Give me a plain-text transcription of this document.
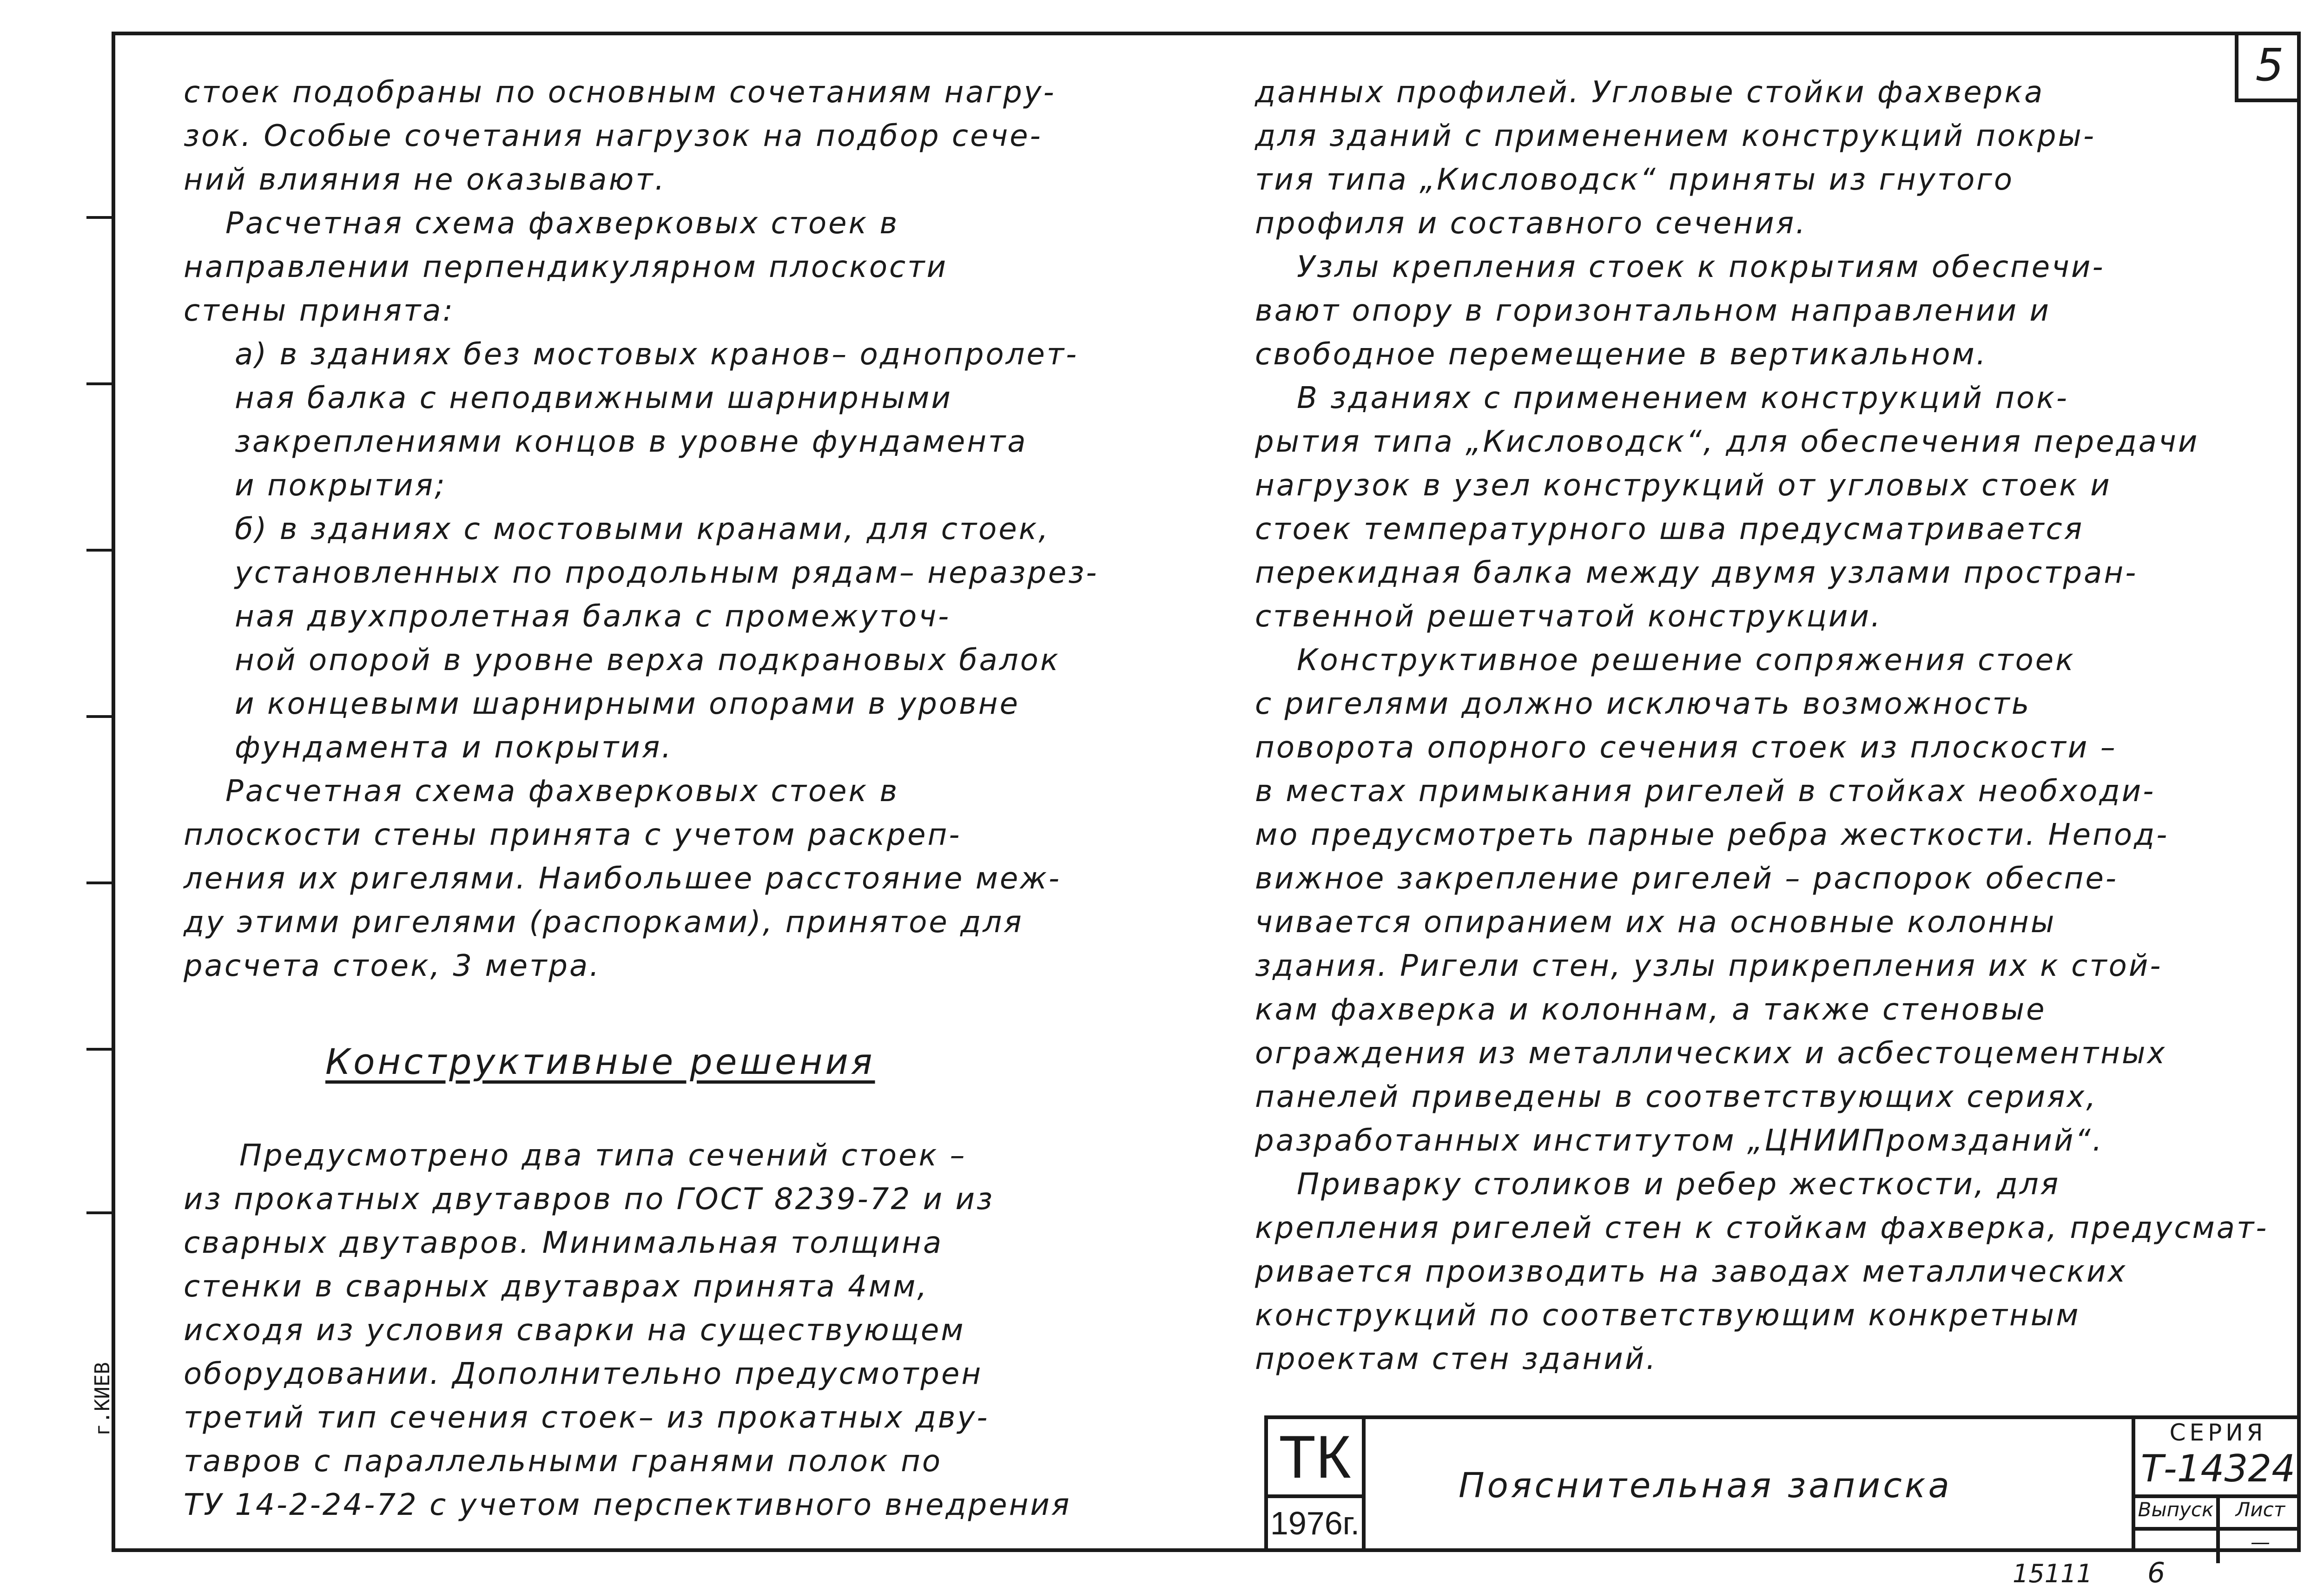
5
г.КИЕВ

стоек подобраны по основным сочетаниям нагру-

зок. Особые сочетания нагрузок на подбор сече-

ний влияния не оказывают.

Расчетная схема фахверковых стоек в

направлении перпендикулярном плоскости

стены принята:

а) в зданиях без мостовых кранов– однопролет-

ная балка с неподвижными шарнирными

закреплениями концов в уровне фундамента

и покрытия;

б) в зданиях с мостовыми кранами, для стоек,

установленных по продольным рядам– неразрез-

ная двухпролетная балка с промежуточ-

ной опорой в уровне верха подкрановых балок

и концевыми шарнирными опорами в уровне

фундамента и покрытия.

Расчетная схема фахверковых стоек в

плоскости стены принята с учетом раскреп-

ления их ригелями. Наибольшее расстояние меж-

ду этими ригелями (распорками), принятое для

расчета стоек, 3 метра.

Конструктивные решения

Предусмотрено два типа сечений стоек –

из прокатных двутавров по ГОСТ 8239-72 и из

сварных двутавров. Минимальная толщина

стенки в сварных двутаврах принята 4мм,

исходя из условия сварки на существующем

оборудовании. Дополнительно предусмотрен

третий тип сечения стоек– из прокатных дву-

тавров с параллельными гранями полок по

ТУ 14-2-24-72 с учетом перспективного внедрения

данных профилей. Угловые стойки фахверка

для зданий с применением конструкций покры-

тия типа „Кисловодск“ приняты из гнутого

профиля и составного сечения.

Узлы крепления стоек к покрытиям обеспечи-

вают опору в горизонтальном направлении и

свободное перемещение в вертикальном.

В зданиях с применением конструкций пок-

рытия типа „Кисловодск“, для обеспечения передачи

нагрузок в узел конструкций от угловых стоек и

стоек температурного шва предусматривается

перекидная балка между двумя узлами простран-

ственной решетчатой конструкции.

Конструктивное решение сопряжения стоек

с ригелями должно исключать возможность

поворота опорного сечения стоек из плоскости –

в местах примыкания ригелей в стойках необходи-

мо предусмотреть парные ребра жесткости. Непод-

вижное закрепление ригелей – распорок обеспе-

чивается опиранием их на основные колонны

здания. Ригели стен, узлы прикрепления их к стой-

кам фахверка и колоннам, а также стеновые

ограждения из металлических и асбестоцементных

панелей приведены в соответствующих сериях,

разработанных институтом „ЦНИИПромзданий“.

Приварку столиков и ребер жесткости, для

крепления ригелей стен к стойкам фахверка, предусмат-

ривается производить на заводах металлических

конструкций по соответствующим конкретным

проектам стен зданий.

ТК
1976г.
Пояснительная записка
СЕРИЯ
Т-14324
Выпуск	Лист
—
15111 6
